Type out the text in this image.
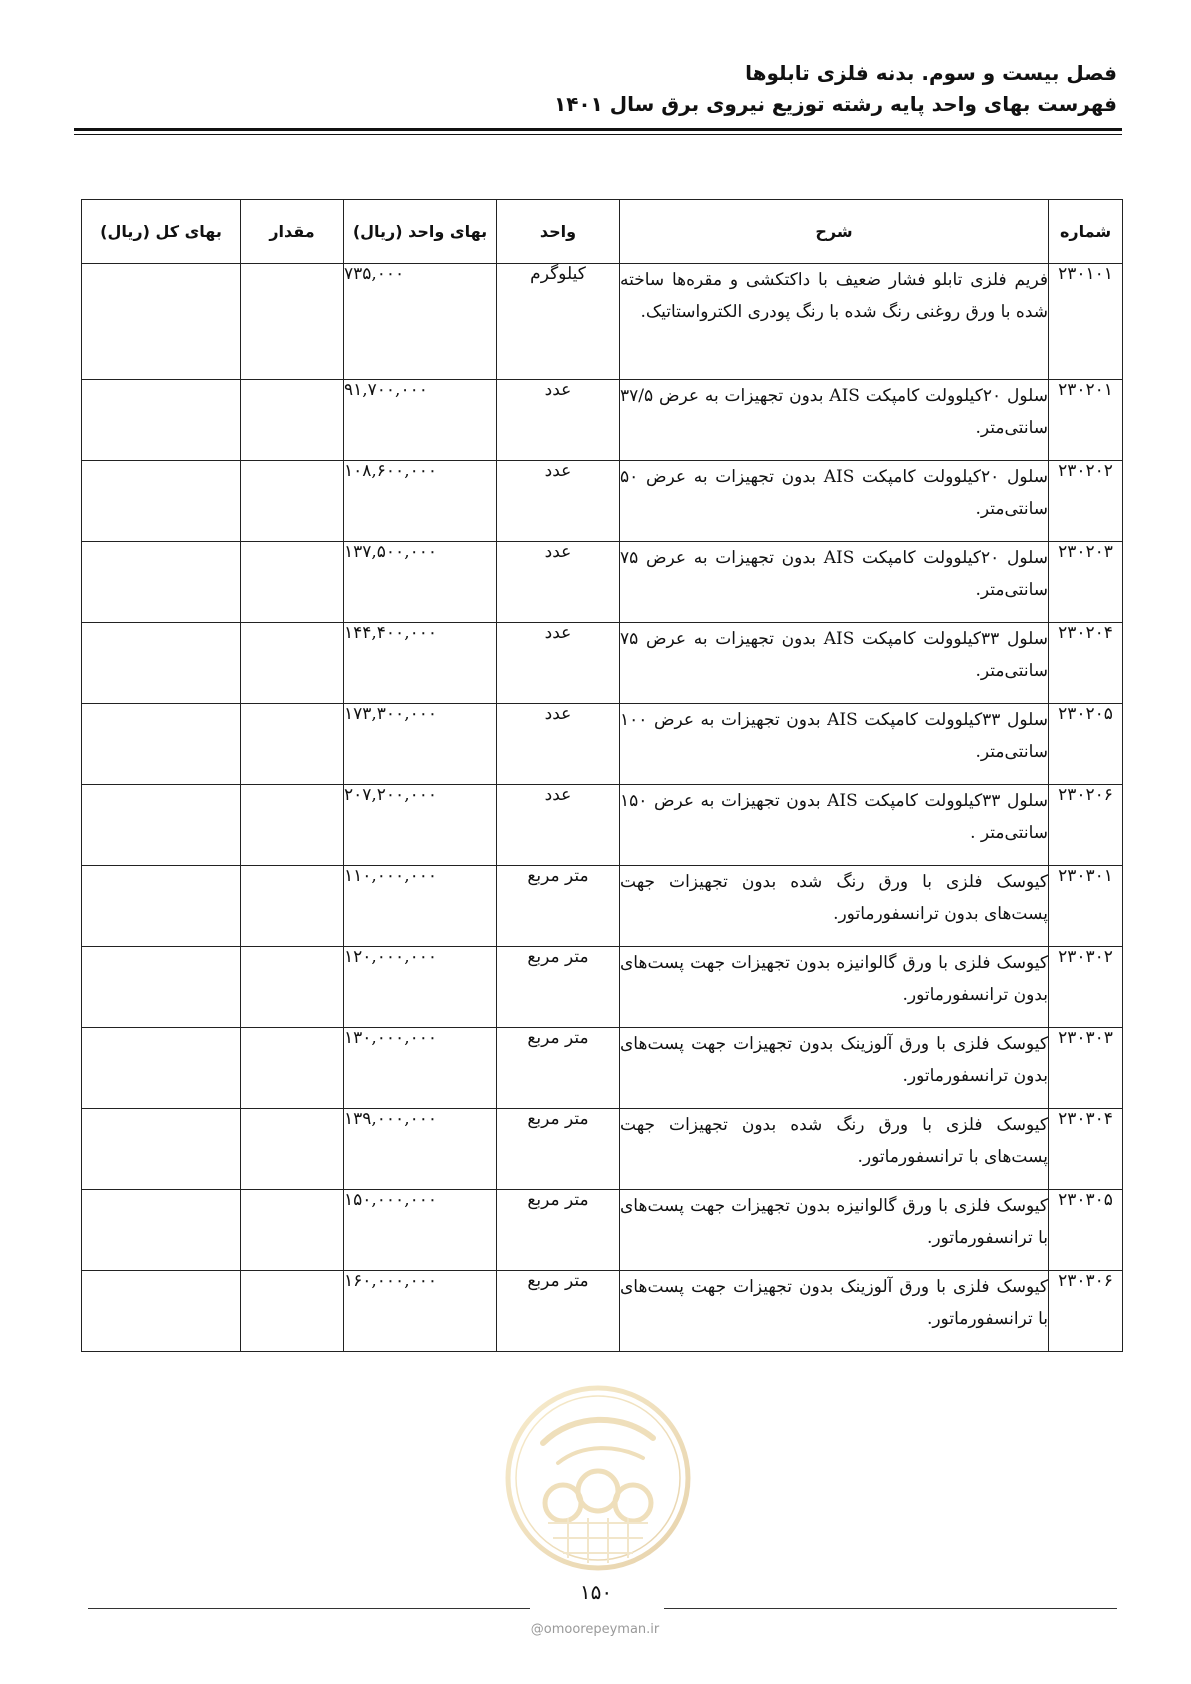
فصل بیست و سوم. بدنه فلزی تابلوها
فهرست بهای واحد پایه رشته توزیع نیروی برق سال ۱۴۰۱
شماره	شرح	واحد	بهای واحد (ریال)	مقدار	بهای کل (ریال)
۲۳۰۱۰۱	فریم فلزی تابلو فشار ضعیف با داکتکشی و مقره‌ها ساخته شده با ورق روغنی رنگ شده با رنگ پودری الکترواستاتیک.	کیلوگرم	۷۳۵,۰۰۰		
۲۳۰۲۰۱	سلول ۲۰کیلوولت کامپکت AIS بدون تجهیزات به عرض ۳۷/۵ سانتی‌متر.	عدد	۹۱,۷۰۰,۰۰۰		
۲۳۰۲۰۲	سلول ۲۰کیلوولت کامپکت AIS بدون تجهیزات به عرض ۵۰ سانتی‌متر.	عدد	۱۰۸,۶۰۰,۰۰۰		
۲۳۰۲۰۳	سلول ۲۰کیلوولت کامپکت AIS بدون تجهیزات به عرض ۷۵ سانتی‌متر.	عدد	۱۳۷,۵۰۰,۰۰۰		
۲۳۰۲۰۴	سلول ۳۳کیلوولت کامپکت AIS بدون تجهیزات به عرض ۷۵ سانتی‌متر.	عدد	۱۴۴,۴۰۰,۰۰۰		
۲۳۰۲۰۵	سلول ۳۳کیلوولت کامپکت AIS بدون تجهیزات به عرض ۱۰۰ سانتی‌متر.	عدد	۱۷۳,۳۰۰,۰۰۰		
۲۳۰۲۰۶	سلول ۳۳کیلوولت کامپکت AIS بدون تجهیزات به عرض ۱۵۰ سانتی‌متر .	عدد	۲۰۷,۲۰۰,۰۰۰		
۲۳۰۳۰۱	کیوسک فلزی با ورق رنگ شده بدون تجهیزات جهت پست‌های بدون ترانسفورماتور.	متر مربع	۱۱۰,۰۰۰,۰۰۰		
۲۳۰۳۰۲	کیوسک فلزی با ورق گالوانیزه بدون تجهیزات جهت پست‌های بدون ترانسفورماتور.	متر مربع	۱۲۰,۰۰۰,۰۰۰		
۲۳۰۳۰۳	کیوسک فلزی با ورق آلوزینک بدون تجهیزات جهت پست‌های بدون ترانسفورماتور.	متر مربع	۱۳۰,۰۰۰,۰۰۰		
۲۳۰۳۰۴	کیوسک فلزی با ورق رنگ شده بدون تجهیزات جهت پست‌های با ترانسفورماتور.	متر مربع	۱۳۹,۰۰۰,۰۰۰		
۲۳۰۳۰۵	کیوسک فلزی با ورق گالوانیزه بدون تجهیزات جهت پست‌های با ترانسفورماتور.	متر مربع	۱۵۰,۰۰۰,۰۰۰		
۲۳۰۳۰۶	کیوسک فلزی با ورق آلوزینک بدون تجهیزات جهت پست‌های با ترانسفورماتور.	متر مربع	۱۶۰,۰۰۰,۰۰۰		
۱۵۰
@omoorepeyman.ir
